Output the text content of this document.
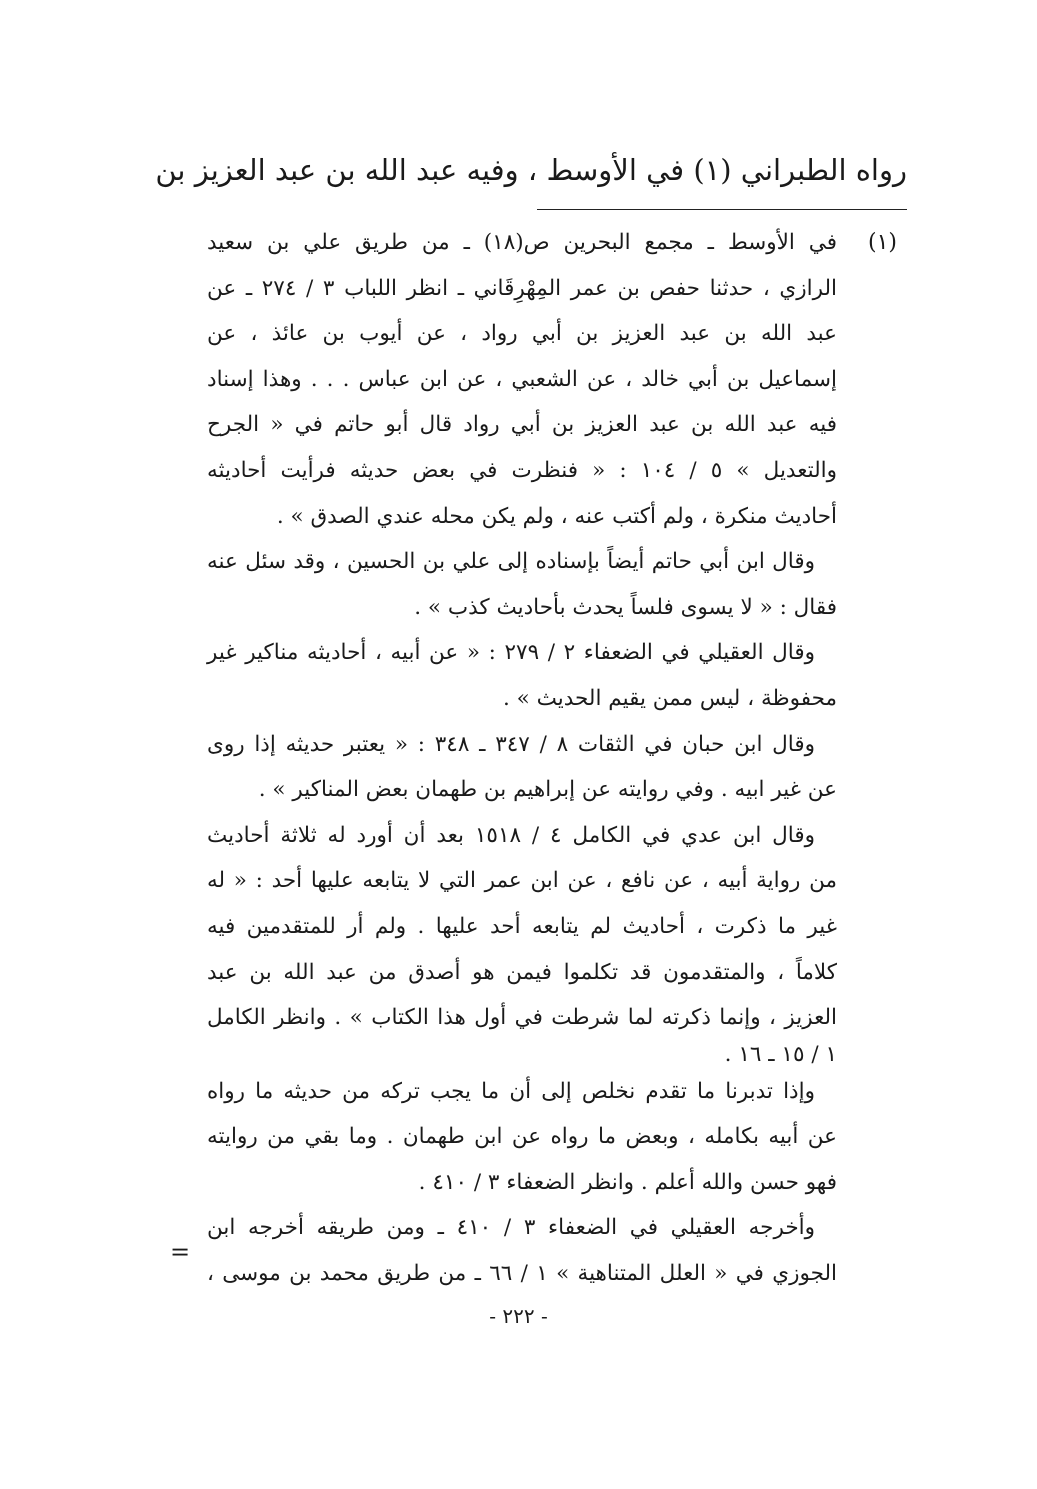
رواه الطبراني (١) في الأوسط ، وفيه عبد الله بن عبد العزيز بن
(١)
في الأوسط ـ مجمع البحرين ص(١٨) ـ من طريق علي بن سعيد
الرازي ، حدثنا حفص بن عمر المِهْرِقَاني ـ انظر اللباب ٣ / ٢٧٤ ـ عن
عبد الله بن عبد العزيز بن أبي رواد ، عن أيوب بن عائذ ، عن
إسماعيل بن أبي خالد ، عن الشعبي ، عن ابن عباس . . . وهذا إسناد
فيه عبد الله بن عبد العزيز بن أبي رواد قال أبو حاتم في « الجرح
والتعديل » ٥ / ١٠٤ : « فنظرت في بعض حديثه فرأيت أحاديثه
أحاديث منكرة ، ولم أكتب عنه ، ولم يكن محله عندي الصدق » .
وقال ابن أبي حاتم أيضاً بإسناده إلى علي بن الحسين ، وقد سئل عنه
فقال : « لا يسوى فلساً يحدث بأحاديث كذب » .
وقال العقيلي في الضعفاء ٢ / ٢٧٩ : « عن أبيه ، أحاديثه مناكير غير
محفوظة ، ليس ممن يقيم الحديث » .
وقال ابن حبان في الثقات ٨ / ٣٤٧ ـ ٣٤٨ : « يعتبر حديثه إذا روى
عن غير ابيه . وفي روايته عن إبراهيم بن طهمان بعض المناكير » .
وقال ابن عدي في الكامل ٤ / ١٥١٨ بعد أن أورد له ثلاثة أحاديث
من رواية أبيه ، عن نافع ، عن ابن عمر التي لا يتابعه عليها أحد : « له
غير ما ذكرت ، أحاديث لم يتابعه أحد عليها . ولم أر للمتقدمين فيه
كلاماً ، والمتقدمون قد تكلموا فيمن هو أصدق من عبد الله بن عبد
العزيز ، وإنما ذكرته لما شرطت في أول هذا الكتاب » . وانظر الكامل
١ / ١٥ ـ ١٦ .
وإذا تدبرنا ما تقدم نخلص إلى أن ما يجب تركه من حديثه ما رواه
عن أبيه بكامله ، وبعض ما رواه عن ابن طهمان . وما بقي من روايته
فهو حسن والله أعلم . وانظر الضعفاء ٣ / ٤١٠ .
وأخرجه العقيلي في الضعفاء ٣ / ٤١٠ ـ ومن طريقه أخرجه ابن
الجوزي في « العلل المتناهية » ١ / ٦٦ ـ من طريق محمد بن موسى ،
=
- ٢٢٢ -
